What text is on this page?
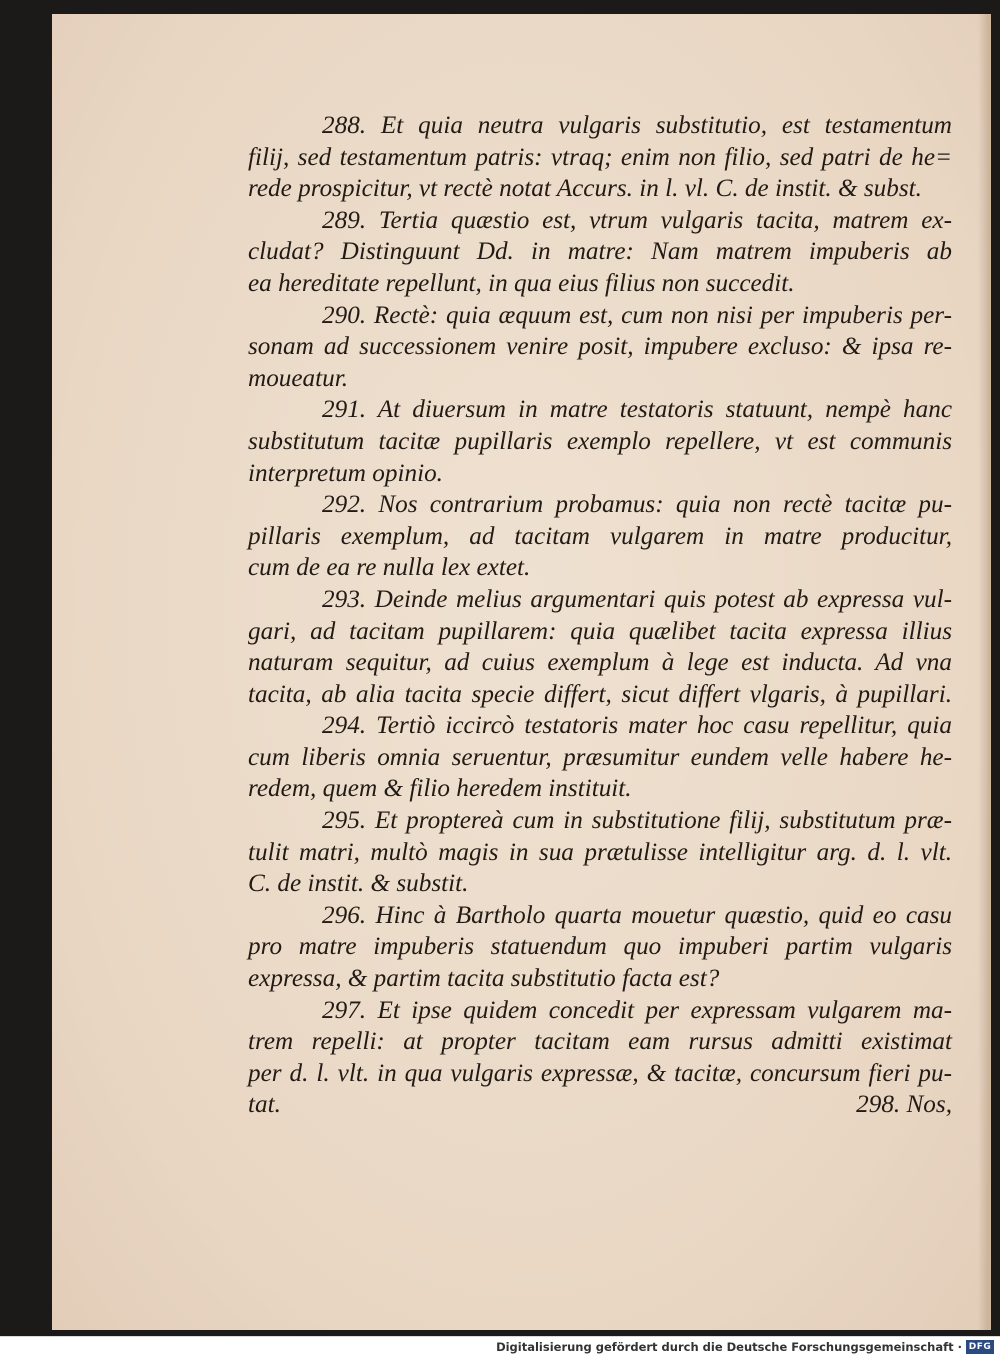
288. Et quia neutra vulgaris substitutio, est testamentum
filij, sed testamentum patris: vtraq; enim non filio, sed patri de he=
rede prospicitur, vt rectè notat Accurs. in l. vl. C. de instit. & subst.
289. Tertia quæstio est, vtrum vulgaris tacita, matrem ex-
cludat? Distinguunt Dd. in matre: Nam matrem impuberis ab
ea hereditate repellunt, in qua eius filius non succedit.
290. Rectè: quia æquum est, cum non nisi per impuberis per-
sonam ad successionem venire posit, impubere excluso: & ipsa re-
moueatur.
291. At diuersum in matre testatoris statuunt, nempè hanc
substitutum tacitæ pupillaris exemplo repellere, vt est communis
interpretum opinio.
292. Nos contrarium probamus: quia non rectè tacitæ pu-
pillaris exemplum, ad tacitam vulgarem in matre producitur,
cum de ea re nulla lex extet.
293. Deinde melius argumentari quis potest ab expressa vul-
gari, ad tacitam pupillarem: quia quælibet tacita expressa illius
naturam sequitur, ad cuius exemplum à lege est inducta. Ad vna
tacita, ab alia tacita specie differt, sicut differt vlgaris, à pupillari.
294. Tertiò iccircò testatoris mater hoc casu repellitur, quia
cum liberis omnia seruentur, præsumitur eundem velle habere he-
redem, quem & filio heredem instituit.
295. Et proptereà cum in substitutione filij, substitutum præ-
tulit matri, multò magis in sua prætulisse intelligitur arg. d. l. vlt.
C. de instit. & substit.
296. Hinc à Bartholo quarta mouetur quæstio, quid eo casu
pro matre impuberis statuendum quo impuberi partim vulgaris
expressa, & partim tacita substitutio facta est?
297. Et ipse quidem concedit per expressam vulgarem ma-
trem repelli: at propter tacitam eam rursus admitti existimat
per d. l. vlt. in qua vulgaris expressæ, & tacitæ, concursum fieri pu-
tat.	298. Nos,
Digitalisierung gefördert durch die Deutsche Forschungsgemeinschaft · DFG
